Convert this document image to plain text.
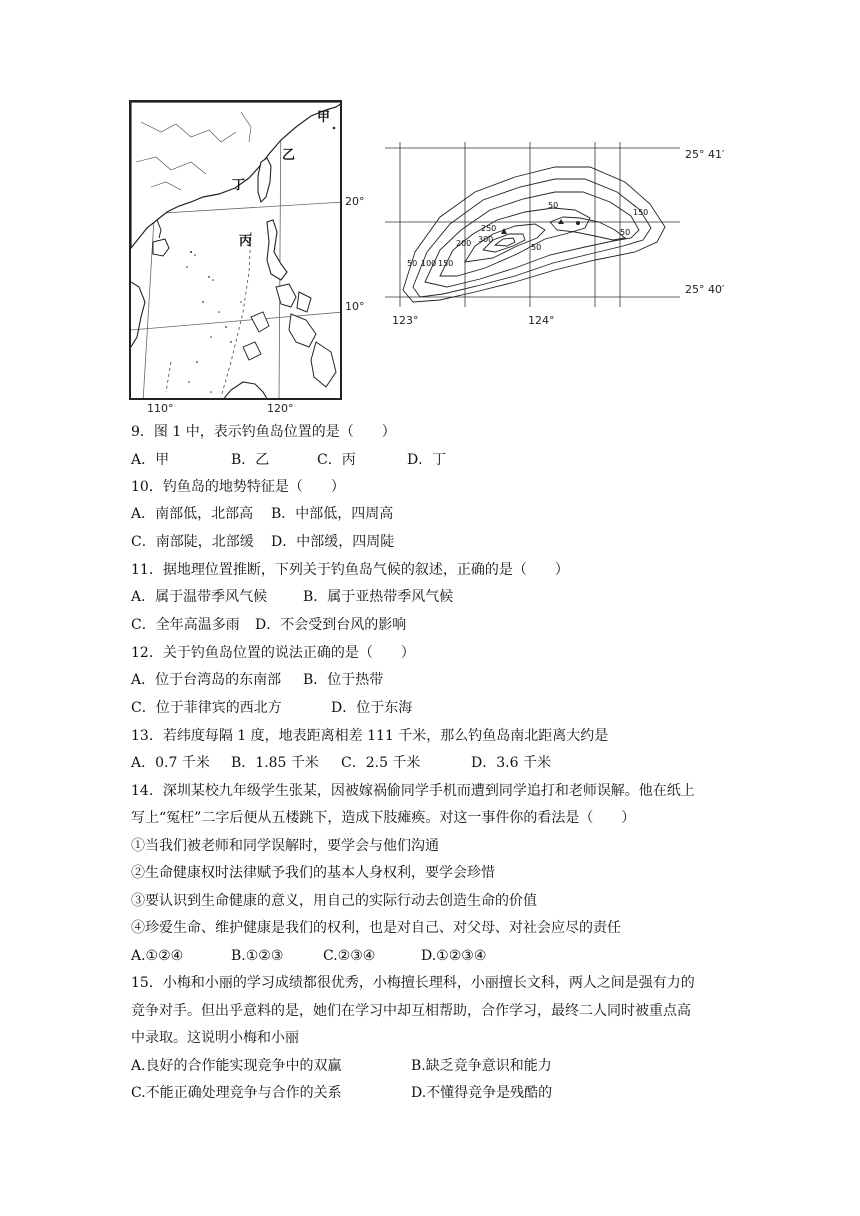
甲
乙
丁
丙
20°
10°
110°	120°
50
150
50
250
300
200	50
50 100 150
25° 41′
25° 40′
123°	124°
9．图 1 中，表示钓鱼岛位置的是（　　）
A．甲	B．乙	C．丙	D．丁
10．钓鱼岛的地势特征是（　　）
A．南部低，北部高 B．中部低，四周高
C．南部陡，北部缓 D．中部缓，四周陡
11．据地理位置推断，下列关于钓鱼岛气候的叙述，正确的是（　　）
A．属于温带季风气候	B．属于亚热带季风气候
C．全年高温多雨 D．不会受到台风的影响
12．关于钓鱼岛位置的说法正确的是（　　）
A．位于台湾岛的东南部 B．位于热带
C．位于菲律宾的西北方	D．位于东海
13．若纬度每隔 1 度，地表距离相差 111 千米，那么钓鱼岛南北距离大约是
A．0.7 千米 B．1.85 千米 C．2.5 千米	D．3.6 千米
14．深圳某校九年级学生张某，因被嫁祸偷同学手机而遭到同学追打和老师误解。他在纸上
写上“冤枉”二字后便从五楼跳下，造成下肢瘫痪。对这一事件你的看法是（　　）
①当我们被老师和同学误解时，要学会与他们沟通
②生命健康权时法律赋予我们的基本人身权利，要学会珍惜
③要认识到生命健康的意义，用自己的实际行动去创造生命的价值
④珍爱生命、维护健康是我们的权利，也是对自己、对父母、对社会应尽的责任
A.①②④	B.①②③	C.②③④	D.①②③④
15．小梅和小丽的学习成绩都很优秀，小梅擅长理科，小丽擅长文科，两人之间是强有力的
竞争对手。但出乎意料的是，她们在学习中却互相帮助，合作学习，最终二人同时被重点高
中录取。这说明小梅和小丽
A.良好的合作能实现竞争中的双赢	B.缺乏竞争意识和能力
C.不能正确处理竞争与合作的关系	D.不懂得竞争是残酷的
